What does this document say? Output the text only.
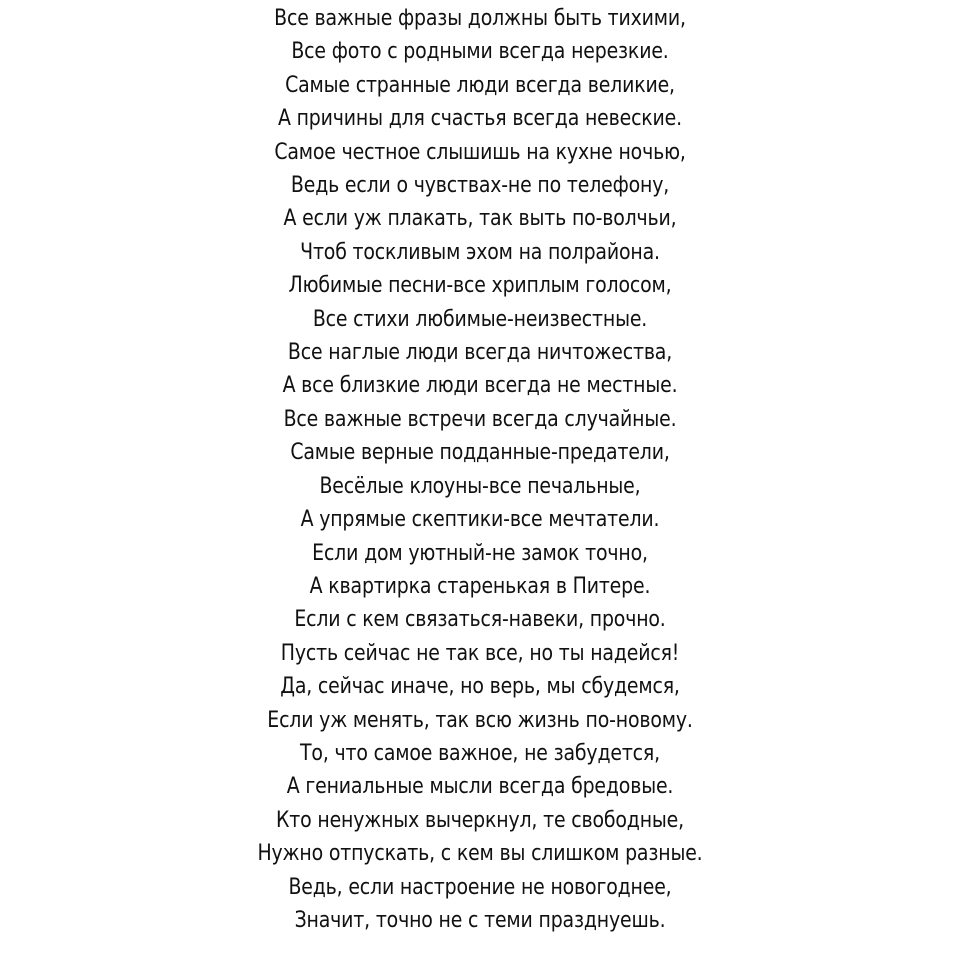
Все важные фразы должны быть тихими,
Все фото с родными всегда нерезкие.
Самые странные люди всегда великие,
А причины для счастья всегда невеские.
Самое честное слышишь на кухне ночью,
Ведь если о чувствах-не по телефону,
А если уж плакать, так выть по-волчьи,
Чтоб тоскливым эхом на полрайона.
Любимые песни-все хриплым голосом,
Все стихи любимые-неизвестные.
Все наглые люди всегда ничтожества,
А все близкие люди всегда не местные.
Все важные встречи всегда случайные.
Самые верные подданные-предатели,
Весёлые клоуны-все печальные,
А упрямые скептики-все мечтатели.
Если дом уютный-не замок точно,
А квартирка старенькая в Питере.
Если с кем связаться-навеки, прочно.
Пусть сейчас не так все, но ты надейся!
Да, сейчас иначе, но верь, мы сбудемся,
Если уж менять, так всю жизнь по-новому.
То, что самое важное, не забудется,
А гениальные мысли всегда бредовые.
Кто ненужных вычеркнул, те свободные,
Нужно отпускать, с кем вы слишком разные.
Ведь, если настроение не новогоднее,
Значит, точно не с теми празднуешь.
